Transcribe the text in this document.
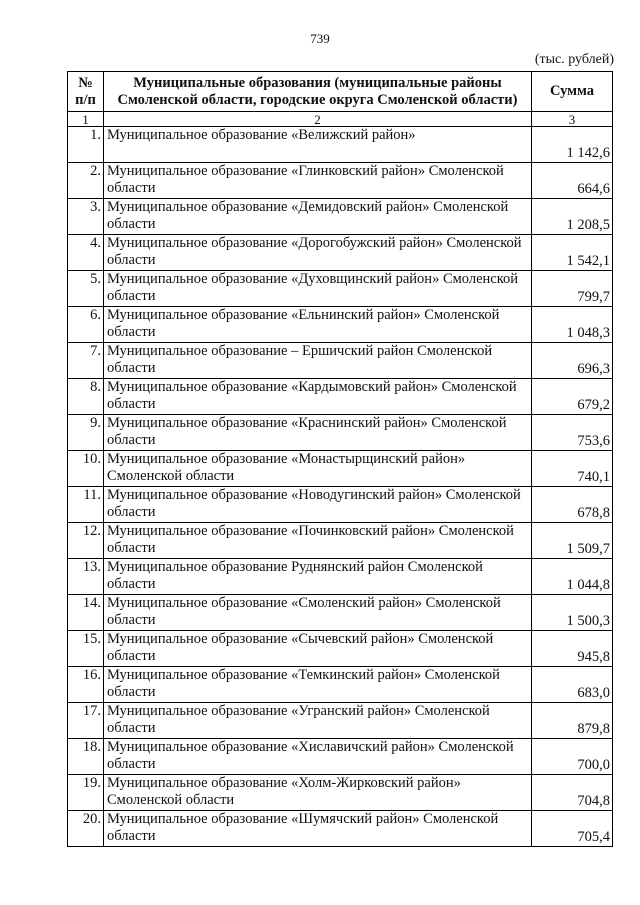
739
(тыс. рублей)
№ п/п	Муниципальные образования (муниципальные районы Смоленской области, городские округа Смоленской области)	Сумма
1	2	3
1.	Муниципальное образование «Велижский район»	1 142,6
2.	Муниципальное образование «Глинковский район» Смоленской области	664,6
3.	Муниципальное образование «Демидовский район» Смоленской области	1 208,5
4.	Муниципальное образование «Дорогобужский район» Смоленской области	1 542,1
5.	Муниципальное образование «Духовщинский район» Смоленской области	799,7
6.	Муниципальное образование «Ельнинский район» Смоленской области	1 048,3
7.	Муниципальное образование – Ершичский район Смоленской области	696,3
8.	Муниципальное образование «Кардымовский район» Смоленской области	679,2
9.	Муниципальное образование «Краснинский район» Смоленской области	753,6
10.	Муниципальное образование «Монастырщинский район» Смоленской области	740,1
11.	Муниципальное образование «Новодугинский район» Смоленской области	678,8
12.	Муниципальное образование «Починковский район» Смоленской области	1 509,7
13.	Муниципальное образование Руднянский район Смоленской области	1 044,8
14.	Муниципальное образование «Смоленский район» Смоленской области	1 500,3
15.	Муниципальное образование «Сычевский район» Смоленской области	945,8
16.	Муниципальное образование «Темкинский район» Смоленской области	683,0
17.	Муниципальное образование «Угранский район» Смоленской области	879,8
18.	Муниципальное образование «Хиславичский район» Смоленской области	700,0
19.	Муниципальное образование «Холм-Жирковский район» Смоленской области	704,8
20.	Муниципальное образование «Шумячский район» Смоленской области	705,4
